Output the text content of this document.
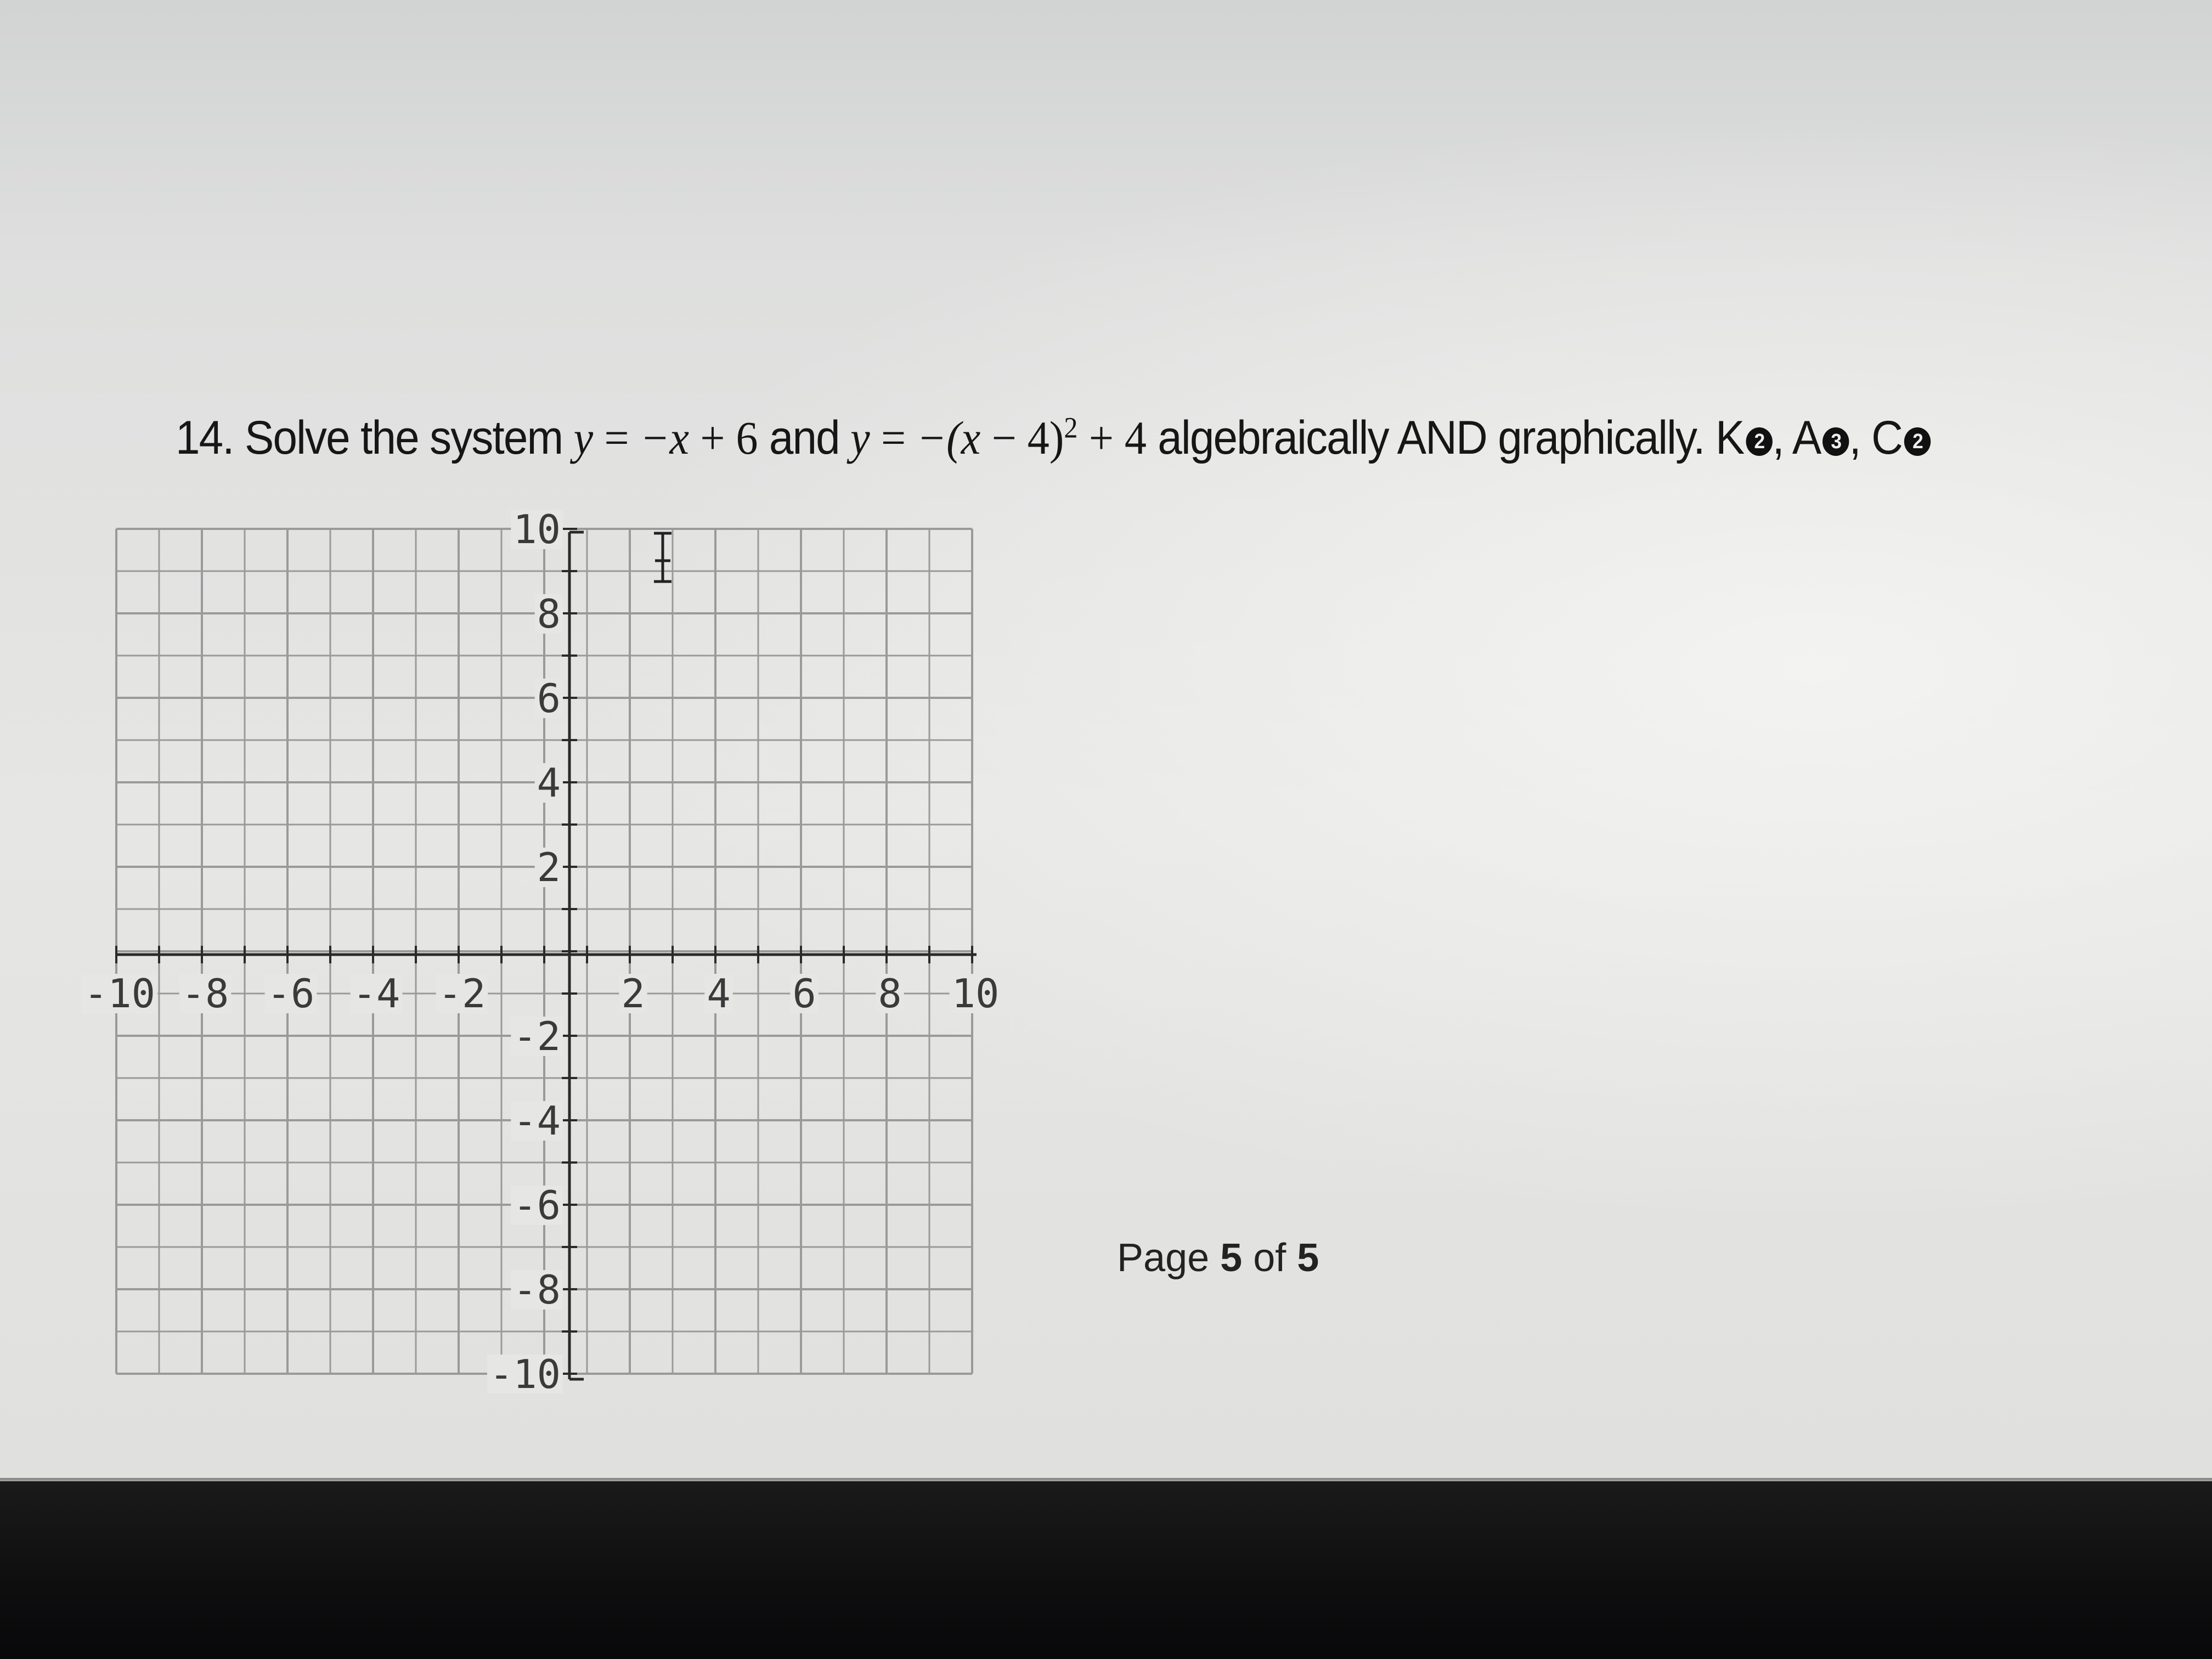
14. Solve the system y = −x + 6 and $y = -(x - 4)^2 + 4$ algebraically AND graphically. K 2 , A 3 , C 2
-10 -8 -6 -4 -2	2 4 6 8 10
10
8
6
4
2
-2
-4
-6
-8
-10
Page 5 of 5
